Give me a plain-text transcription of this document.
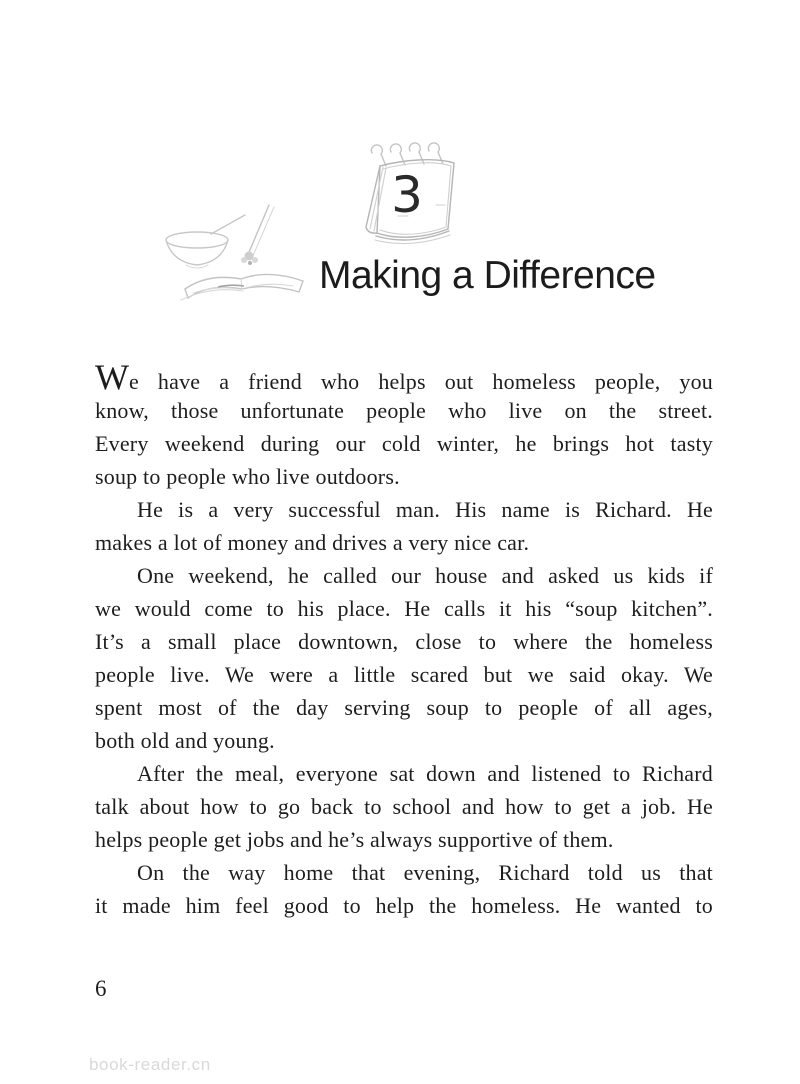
3
Making a Difference
We have a friend who helps out homeless people, you
know, those unfortunate people who live on the street.
Every weekend during our cold winter, he brings hot tasty
soup to people who live outdoors.
He is a very successful man. His name is Richard. He
makes a lot of money and drives a very nice car.
One weekend, he called our house and asked us kids if
we would come to his place. He calls it his “soup kitchen”.
It’s a small place downtown, close to where the homeless
people live. We were a little scared but we said okay. We
spent most of the day serving soup to people of all ages,
both old and young.
After the meal, everyone sat down and listened to Richard
talk about how to go back to school and how to get a job. He
helps people get jobs and he’s always supportive of them.
On the way home that evening, Richard told us that
it made him feel good to help the homeless. He wanted to
6
book-reader.cn
